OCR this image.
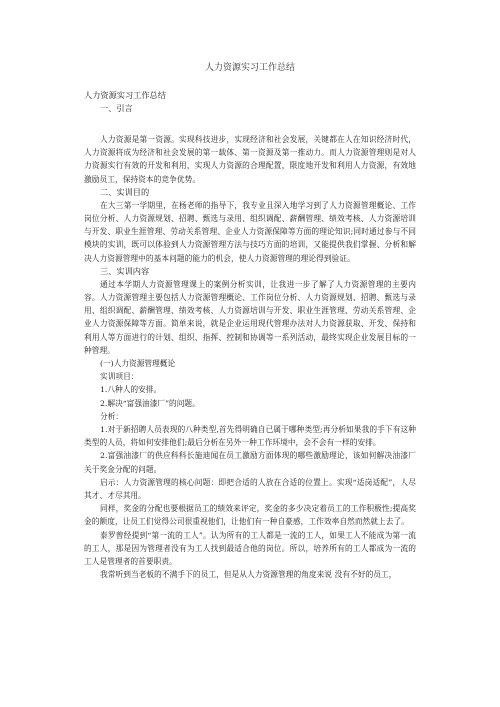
人力资源实习工作总结
人力资源实习工作总结
一、引言

人力资源是第一资源。实现科技进步，实现经济和社会发展，关键都在人在知识经济时代，人力资源将成为经济和社会发展的第一载体、第一资源及第一推动力。而人力资源管理则是对人力资源实行有效的开发和利用，实现人力资源的合理配置，限度地开发和利用人力资源，有效地激励员工，保持资本的竞争优势。

二、实训目的

在大三第一学期里，在杨老师的指导下，我专业且深入地学习到了人力资源管理概论、工作岗位分析、人力资源规划、招聘、甄选与录用、组织调配、薪酬管理、绩效考核、人力资源培训与开发、职业生涯管理、劳动关系管理、企业人力资源保障等方面的理论知识;同时通过参与不同模块的实训，既可以体验到人力资源管理方法与技巧方面的培训，又能提供我们掌握、分析和解决人力资源管理中的基本问题的能力的机会，使人力资源管理的理论得到验证。

三、实训内容

通过本学期人力资源管理课上的案例分析实训，让我进一步了解了人力资源管理的主要内容。人力资源管理主要包括人力资源管理概论、工作岗位分析、人力资源规划、招聘、甄选与录用、组织调配、薪酬管理、绩效考核、人力资源培训与开发、职业生涯管理、劳动关系管理、企业人力资源保障等方面。简单来说，就是企业运用现代管理办法对人力资源获取、开发、保持和利用人等方面进行的计划、组织、指挥、控制和协调等一系列活动，最终实现企业发展目标的一种管理。

(一)人力资源管理概论
实训项目：
1.八种人的安排。
2.解决“富强油漆厂”的问题。
分析：

1.对于新招聘人员表现的八种类型,首先得明确自已属于哪种类型;再分析如果我的手下有这种类型的人员，将如何安排他们;最后分析在另外一种工作环境中，会不会有一样的安排。

2.富强油漆厂的供应科科长施迪闻在员工激励方面体现的哪些激励理论，该如何解决油漆厂关于奖金分配的问题。

启示：人力资源管理的核心问题：即把合适的人放在合适的位置上。实现“适岗适配”，人尽其才、才尽其用。

同样，奖金的分配也要根据员工的绩效来评定，奖金的多少决定着员工的工作积极性;提高奖金的额度，让员工们觉得公司很重视他们，让他们有一种自豪感，工作效率自然而然就上去了。

泰罗曾经提到“第一流的工人”。认为所有的工人都是一流的工人，如果工人不能成为第一流的工人，那是因为管理者没有为工人找到最适合他的岗位。所以，培养所有的工人都成为一流的工人是管理者的首要职责。

我常听到当老板的不满手下的员工，但是从人力资源管理的角度来说 没有不好的员工，
